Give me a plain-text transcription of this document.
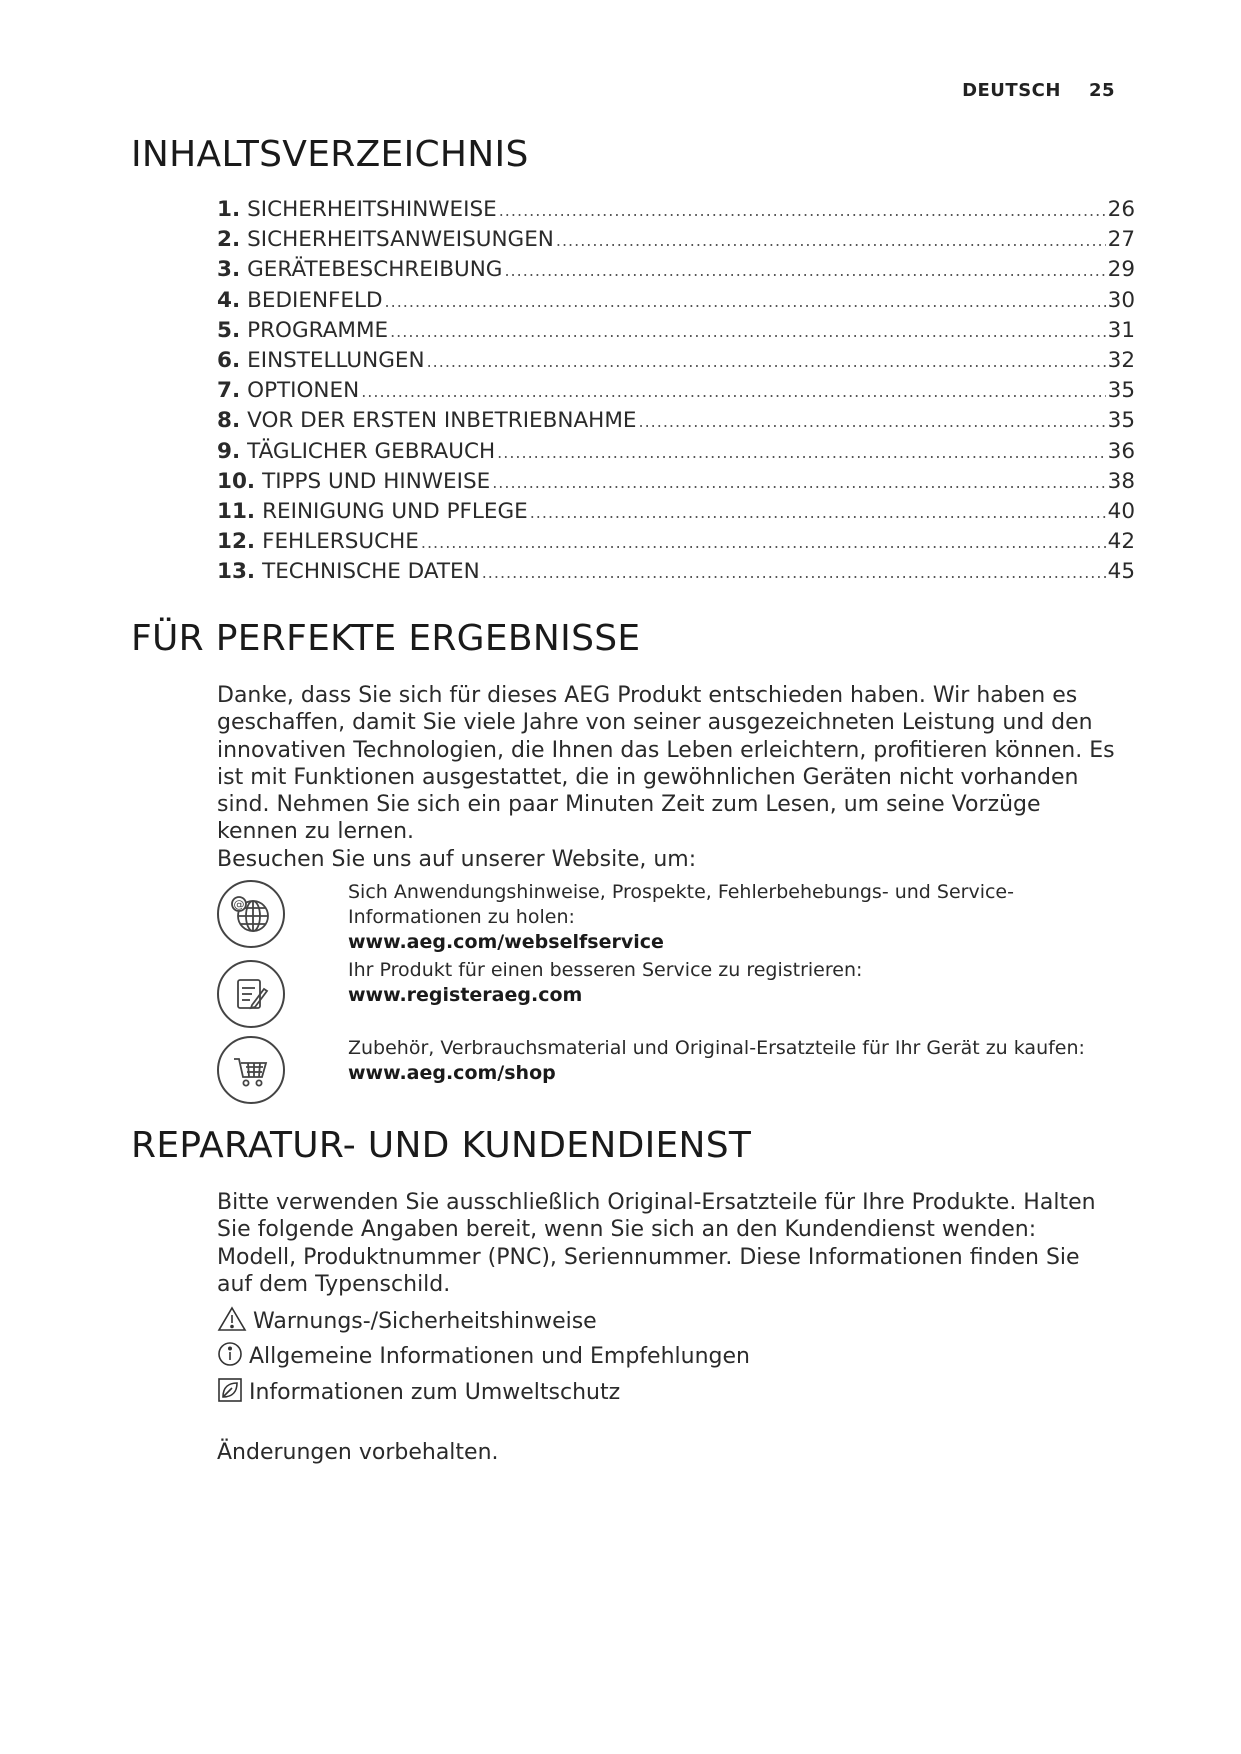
DEUTSCH 25
INHALTSVERZEICHNIS
1. SICHERHEITSHINWEISE .....	26
2. SICHERHEITSANWEISUNGEN .....	27
3. GERÄTEBESCHREIBUNG .....	29
4. BEDIENFELD .....	30
5. PROGRAMME .....	31
6. EINSTELLUNGEN .....	32
7. OPTIONEN .....	35
8. VOR DER ERSTEN INBETRIEBNAHME .....	35
9. TÄGLICHER GEBRAUCH .....	36
10. TIPPS UND HINWEISE .....	38
11. REINIGUNG UND PFLEGE .....	40
12. FEHLERSUCHE .....	42
13. TECHNISCHE DATEN .....	45
FÜR PERFEKTE ERGEBNISSE

Danke, dass Sie sich für dieses AEG Produkt entschieden haben. Wir haben es geschaffen, damit Sie viele Jahre von seiner ausgezeichneten Leistung und den innovativen Technologien, die Ihnen das Leben erleichtern, profitieren können. Es ist mit Funktionen ausgestattet, die in gewöhnlichen Geräten nicht vorhanden sind. Nehmen Sie sich ein paar Minuten Zeit zum Lesen, um seine Vorzüge kennen zu lernen.

Besuchen Sie uns auf unserer Website, um:

@
Sich Anwendungshinweise, Prospekte, Fehlerbehebungs- und Service-Informationen zu holen:
www.aeg.com/webselfservice
Ihr Produkt für einen besseren Service zu registrieren:
www.registeraeg.com
Zubehör, Verbrauchsmaterial und Original-Ersatzteile für Ihr Gerät zu kaufen:
www.aeg.com/shop
REPARATUR- UND KUNDENDIENST

Bitte verwenden Sie ausschließlich Original-Ersatzteile für Ihre Produkte. Halten Sie folgende Angaben bereit, wenn Sie sich an den Kundendienst wenden: Modell, Produktnummer (PNC), Seriennummer. Diese Informationen finden Sie auf dem Typenschild.

Warnungs-/Sicherheitshinweise
Allgemeine Informationen und Empfehlungen
Informationen zum Umweltschutz

Änderungen vorbehalten.
